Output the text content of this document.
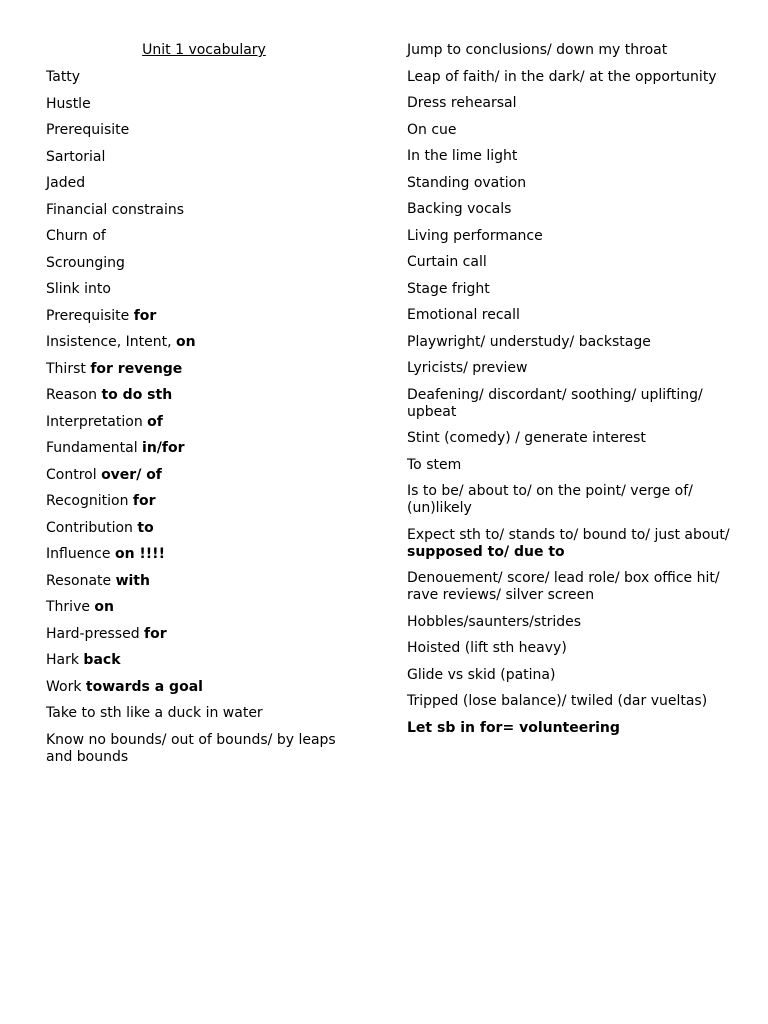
Unit 1 vocabulary
Tatty
Hustle
Prerequisite
Sartorial
Jaded
Financial constrains
Churn of
Scrounging
Slink into
Prerequisite for
Insistence, Intent, on
Thirst for revenge
Reason to do sth
Interpretation of
Fundamental in/for
Control over/ of
Recognition for
Contribution to
Influence on !!!!
Resonate with
Thrive on
Hard-pressed for
Hark back
Work towards a goal
Take to sth like a duck in water
Know no bounds/ out of bounds/ by leaps and bounds
Jump to conclusions/ down my throat
Leap of faith/ in the dark/ at the opportunity
Dress rehearsal
On cue
In the lime light
Standing ovation
Backing vocals
Living performance
Curtain call
Stage fright
Emotional recall
Playwright/ understudy/ backstage
Lyricists/ preview
Deafening/ discordant/ soothing/ uplifting/ upbeat
Stint (comedy) / generate interest
To stem
Is to be/ about to/ on the point/ verge of/ (un)likely
Expect sth to/ stands to/ bound to/ just about/ supposed to/ due to
Denouement/ score/ lead role/ box office hit/ rave reviews/ silver screen
Hobbles/saunters/strides
Hoisted (lift sth heavy)
Glide vs skid (patina)
Tripped (lose balance)/ twiled (dar vueltas)
Let sb in for= volunteering
